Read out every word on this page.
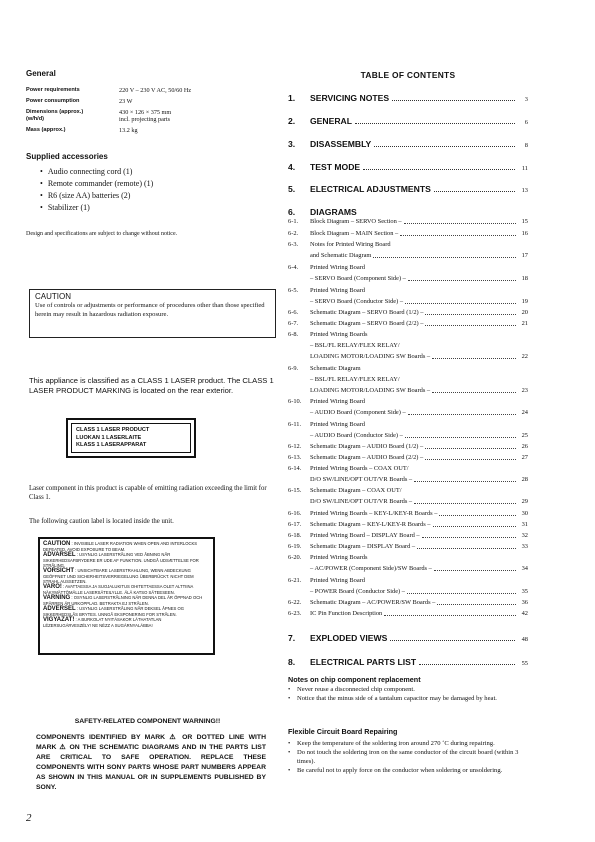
General
Power requirements	220 V – 230 V AC, 50/60 Hz
Power consumption	23 W
Dimensions (approx.)
(w/h/d)
430 × 126 × 375 mm
incl. projecting parts
Mass (approx.)	13.2 kg
Supplied accessories
• Audio connecting cord (1)
• Remote commander (remote) (1)
• R6 (size AA) batteries (2)
• Stabilizer (1)
Design and specifications are subject to change without notice.
CAUTION
Use of controls or adjustments or performance of procedures other than those specified herein may result in hazardous radiation exposure.
This appliance is classified as a CLASS 1 LASER product. The CLASS 1 LASER PRODUCT MARKING is located on the rear exterior.
CLASS 1 LASER PRODUCT
LUOKAN 1 LASERLAITE
KLASS 1 LASERAPPARAT
Laser component in this product is capable of emitting radiation exceeding the limit for Class 1.
The following caution label is located inside the unit.
CAUTION : INVISIBLE LASER RADIATION WHEN OPEN AND INTERLOCKS DEFEATED. AVOID EXPOSURE TO BEAM.
ADVARSEL : USYNLIG LASERSTRÅLING VED ÅBNING NÅR SIKKERHEDSAFBRYDERE ER UDE AF FUNKTION. UNDGÅ UDSÆTTELSE FOR STRÅLING.
VORSICHT : UNSICHTBARE LASERSTRAHLUNG, WENN ABDECKUNG GEÖFFNET UND SICHERHEITSVERRIEGELUNG ÜBERBRÜCKT. NICHT DEM STRAHL AUSSETZEN.
VARO! : AVATTAESSA JA SUOJALUKITUS OHITETTAESSA OLET ALTTIINA NÄKYMÄTTÖMÄLLE LASERSÄTEILYLLE. ÄLÄ KATSO SÄTEESEEN.
VARNING : OSYNLIG LASERSTRÅLNING NÄR DENNA DEL ÄR ÖPPNAD OCH SPÄRREN ÄR URKOPPLAD. BETRAKTA EJ STRÅLEN.
ADVERSEL : USYNLIG LASERSTRÅLING NÅR DEKSEL ÅPNES OG SIKKERHEDSLÅS BRYTES. UNNGÅ EKSPONERING FOR STRÅLEN.
VIGYAZAT! : A BURKOLAT NYITÁSAKOR LÁTHATATLAN LÉZERSUGÁRVESZÉLY! NE NÉZZ A SUGÁRNYALÁBBA!
SAFETY-RELATED COMPONENT WARNING!!
COMPONENTS IDENTIFIED BY MARK ⚠ OR DOTTED LINE WITH MARK ⚠ ON THE SCHEMATIC DIAGRAMS AND IN THE PARTS LIST ARE CRITICAL TO SAFE OPERATION. REPLACE THESE COMPONENTS WITH SONY PARTS WHOSE PART NUMBERS APPEAR AS SHOWN IN THIS MANUAL OR IN SUPPLEMENTS PUBLISHED BY SONY.
2
TABLE OF CONTENTS
1.	SERVICING NOTES	3
2.	GENERAL	6
3.	DISASSEMBLY	8
4.	TEST MODE	11
5.	ELECTRICAL ADJUSTMENTS	13
6.	DIAGRAMS
6-1.	Block Diagram – SERVO Section –	15
6-2.	Block Diagram – MAIN Section –	16
6-3.	Notes for Printed Wiring Board
and Schematic Diagram	17
6-4.	Printed Wiring Board
– SERVO Board (Component Side) –	18
6-5.	Printed Wiring Board
– SERVO Board (Conductor Side) –	19
6-6.	Schematic Diagram – SERVO Board (1/2) –	20
6-7.	Schematic Diagram – SERVO Board (2/2) –	21
6-8.	Printed Wiring Boards
– BSL/FL RELAY/FLEX RELAY/
LOADING MOTOR/LOADING SW Boards –	22
6-9.	Schematic Diagram
– BSL/FL RELAY/FLEX RELAY/
LOADING MOTOR/LOADING SW Boards –	23
6-10.	Printed Wiring Board
– AUDIO Board (Component Side) –	24
6-11.	Printed Wiring Board
– AUDIO Board (Conductor Side) –	25
6-12.	Schematic Diagram – AUDIO Board (1/2) –	26
6-13.	Schematic Diagram – AUDIO Board (2/2) –	27
6-14.	Printed Wiring Boards – COAX OUT/
D/O SW/LINE/OPT OUT/VR Boards –	28
6-15.	Schematic Diagram – COAX OUT/
D/O SW/LINE/OPT OUT/VR Boards –	29
6-16.	Printed Wiring Boards – KEY-L/KEY-R Boards –	30
6-17.	Schematic Diagram – KEY-L/KEY-R Boards –	31
6-18.	Printed Wiring Board – DISPLAY Board –	32
6-19.	Schematic Diagram – DISPLAY Board –	33
6-20.	Printed Wiring Boards
– AC/POWER (Component Side)/SW Boards –	34
6-21.	Printed Wiring Board
– POWER Board (Conductor Side) –	35
6-22.	Schematic Diagram – AC/POWER/SW Boards –	36
6-23.	IC Pin Function Description	42
7.	EXPLODED VIEWS	48
8.	ELECTRICAL PARTS LIST	55
Notes on chip component replacement
• Never reuse a disconnected chip component.
• Notice that the minus side of a tantalum capacitor may be damaged by heat.
Flexible Circuit Board Repairing
• Keep the temperature of the soldering iron around 270 ˚C during repairing.
• Do not touch the soldering iron on the same conductor of the circuit board (within 3 times).
• Be careful not to apply force on the conductor when soldering or unsoldering.
